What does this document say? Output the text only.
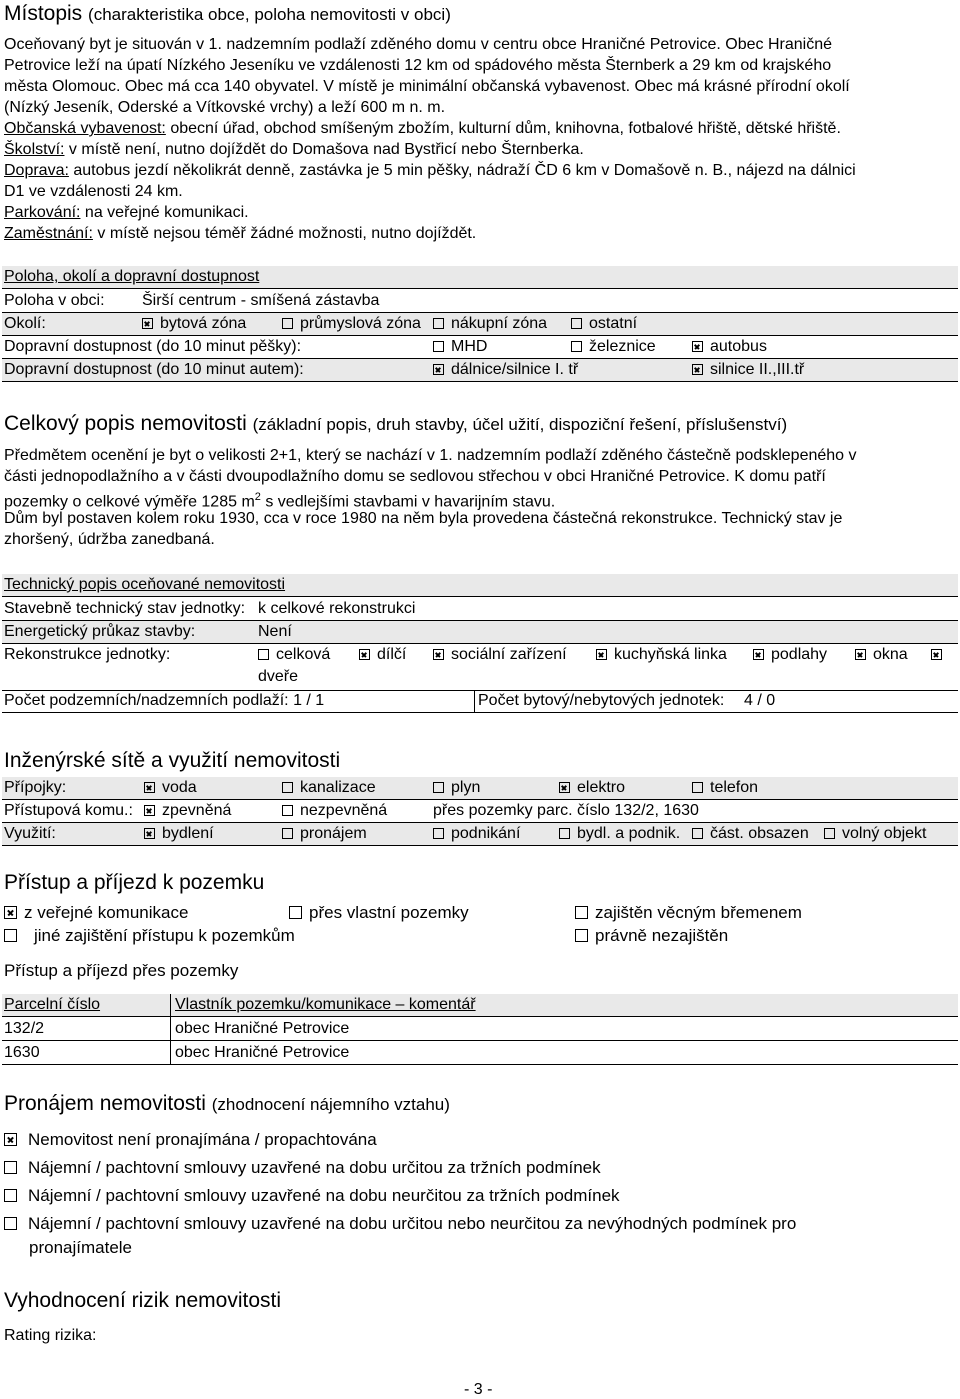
Místopis (charakteristika obce, poloha nemovitosti v obci)
Oceňovaný byt je situován v 1. nadzemním podlaží zděného domu v centru obce Hraničné Petrovice. Obec Hraničné
Petrovice leží na úpatí Nízkého Jeseníku ve vzdálenosti 12 km od spádového města Šternberk a 29 km od krajského
města Olomouc. Obec má cca 140 obyvatel. V místě je minimální občanská vybavenost. Obec má krásné přírodní okolí
(Nízký Jeseník, Oderské a Vítkovské vrchy) a leží 600 m n. m.
Občanská vybavenost: obecní úřad, obchod smíšeným zbožím, kulturní dům, knihovna, fotbalové hřiště, dětské hřiště.
Školství: v místě není, nutno dojíždět do Domašova nad Bystřicí nebo Šternberka.
Doprava: autobus jezdí několikrát denně, zastávka je 5 min pěšky, nádraží ČD 6 km v Domašově n. B., nájezd na dálnici
D1 ve vzdálenosti 24 km.
Parkování: na veřejné komunikaci.
Zaměstnání: v místě nejsou téměř žádné možnosti, nutno dojíždět.
Poloha, okolí a dopravní dostupnost
Poloha v obci: Širší centrum - smíšená zástavba
Okolí:	bytová zóna	průmyslová zóna	nákupní zóna	ostatní
Dopravní dostupnost (do 10 minut pěšky):	MHD	železnice	autobus
Dopravní dostupnost (do 10 minut autem):	dálnice/silnice I. tř	silnice II.,III.tř
Celkový popis nemovitosti (základní popis, druh stavby, účel užití, dispoziční řešení, příslušenství)
Předmětem ocenění je byt o velikosti 2+1, který se nachází v 1. nadzemním podlaží zděného částečně podsklepeného v
části jednopodlažního a v části dvoupodlažního domu se sedlovou střechou v obci Hraničné Petrovice. K domu patří
pozemky o celkové výměře 1285 $m^2$ s vedlejšími stavbami v havarijním stavu.
Dům byl postaven kolem roku 1930, cca v roce 1980 na něm byla provedena částečná rekonstrukce. Technický stav je
zhoršený, údržba zanedbaná.
Technický popis oceňované nemovitosti
Stavebně technický stav jednotky: k celkové rekonstrukci
Energetický průkaz stavby:	Není
Rekonstrukce jednotky:	celková	dílčí	sociální zařízení	kuchyňská linka	podlahy	okna
dveře
Počet podzemních/nadzemních podlaží: 1 / 1	Počet bytový/nebytových jednotek: 4 / 0
Inženýrské sítě a využití nemovitosti
Přípojky:	voda	kanalizace	plyn	elektro	telefon
Přístupová komu.:	zpevněná	nezpevněná	přes pozemky parc. číslo 132/2, 1630
Využití:	bydlení	pronájem	podnikání	bydl. a podnik.	část. obsazen	volný objekt
Přístup a příjezd k pozemku
z veřejné komunikace	přes vlastní pozemky	zajištěn věcným břemenem
jiné zajištění přístupu k pozemkům	právně nezajištěn
Přístup a příjezd přes pozemky
Parcelní číslo	Vlastník pozemku/komunikace – komentář
132/2	obec Hraničné Petrovice
1630	obec Hraničné Petrovice
Pronájem nemovitosti (zhodnocení nájemního vztahu)
Nemovitost není pronajímána / propachtována
Nájemní / pachtovní smlouvy uzavřené na dobu určitou za tržních podmínek
Nájemní / pachtovní smlouvy uzavřené na dobu neurčitou za tržních podmínek
Nájemní / pachtovní smlouvy uzavřené na dobu určitou nebo neurčitou za nevýhodných podmínek pro
pronajímatele
Vyhodnocení rizik nemovitosti
Rating rizika:
- 3 -
